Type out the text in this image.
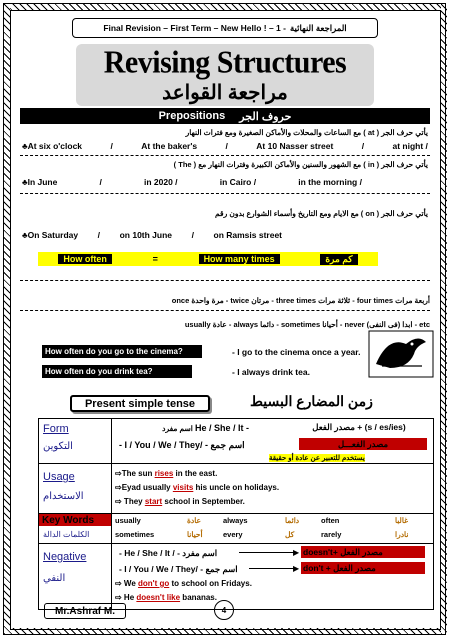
Final Revision – First Term – New Hello ! – 1 - المراجعة النهائية
Revising Structures
مراجعة القواعد
Prepositions حروف الجر
يأتي حرف الجر ( at ) مع الساعات والمحلات والأماكن الصغيرة ومع فترات النهار
♣At six o'clock	/	At the baker's	/	At 10 Nasser street	/	at night /
يأتي حرف الجر ( in ) مع الشهور والسنين والأماكن الكبيرة وفترات النهار مع ( The )
♣In June	/	in 2020 /	in Cairo /	in the morning /
يأتي حرف الجر ( on ) مع الايام ومع التاريخ وأسماء الشوارع بدون رقم
♣On Saturday / on 10th June / on Ramsis street
How often	=	How many times	كم مرة
أربعة مرات four times - ثلاثة مرات three times - مرتان twice - مرة واحدة once
etc - ابدا (فى النفى) never - أحيانا sometimes - دائما always - عادة usually
How often do you go to the cinema?	- I go to the cinema once a year.
How often do you drink tea?	- I always drink tea.
Present simple tense	زمن المضارع البسيط
Form
التكوين
اسم مفرد He / She / It -	مصدر الفعل + (s / es/ies)
- I / You / We / They/ - اسم جمع	مصدر الفعـــل
يستخدم للتعبير عن عادة أو حقيقة
Usage
الاستخدام
⇨The sun rises in the east.
⇨Eyad usually visits his uncle on holidays.
⇨ They start school in September.
Key Words
الكلمات الدالة
usually	عادة	always	دائما	often	غالبا
sometimes	أحيانا	every	كل	rarely	نادرا
Negative
النفي
- He / She / It / - اسم مفرد	▶ doesn't+ مصدر الفعل
- I / You / We / They/ - اسم جمع	▶ don't + مصدر الفعل
⇨ We don't go to school on Fridays.
⇨ He doesn't like bananas.
Mr.Ashraf M.	4
